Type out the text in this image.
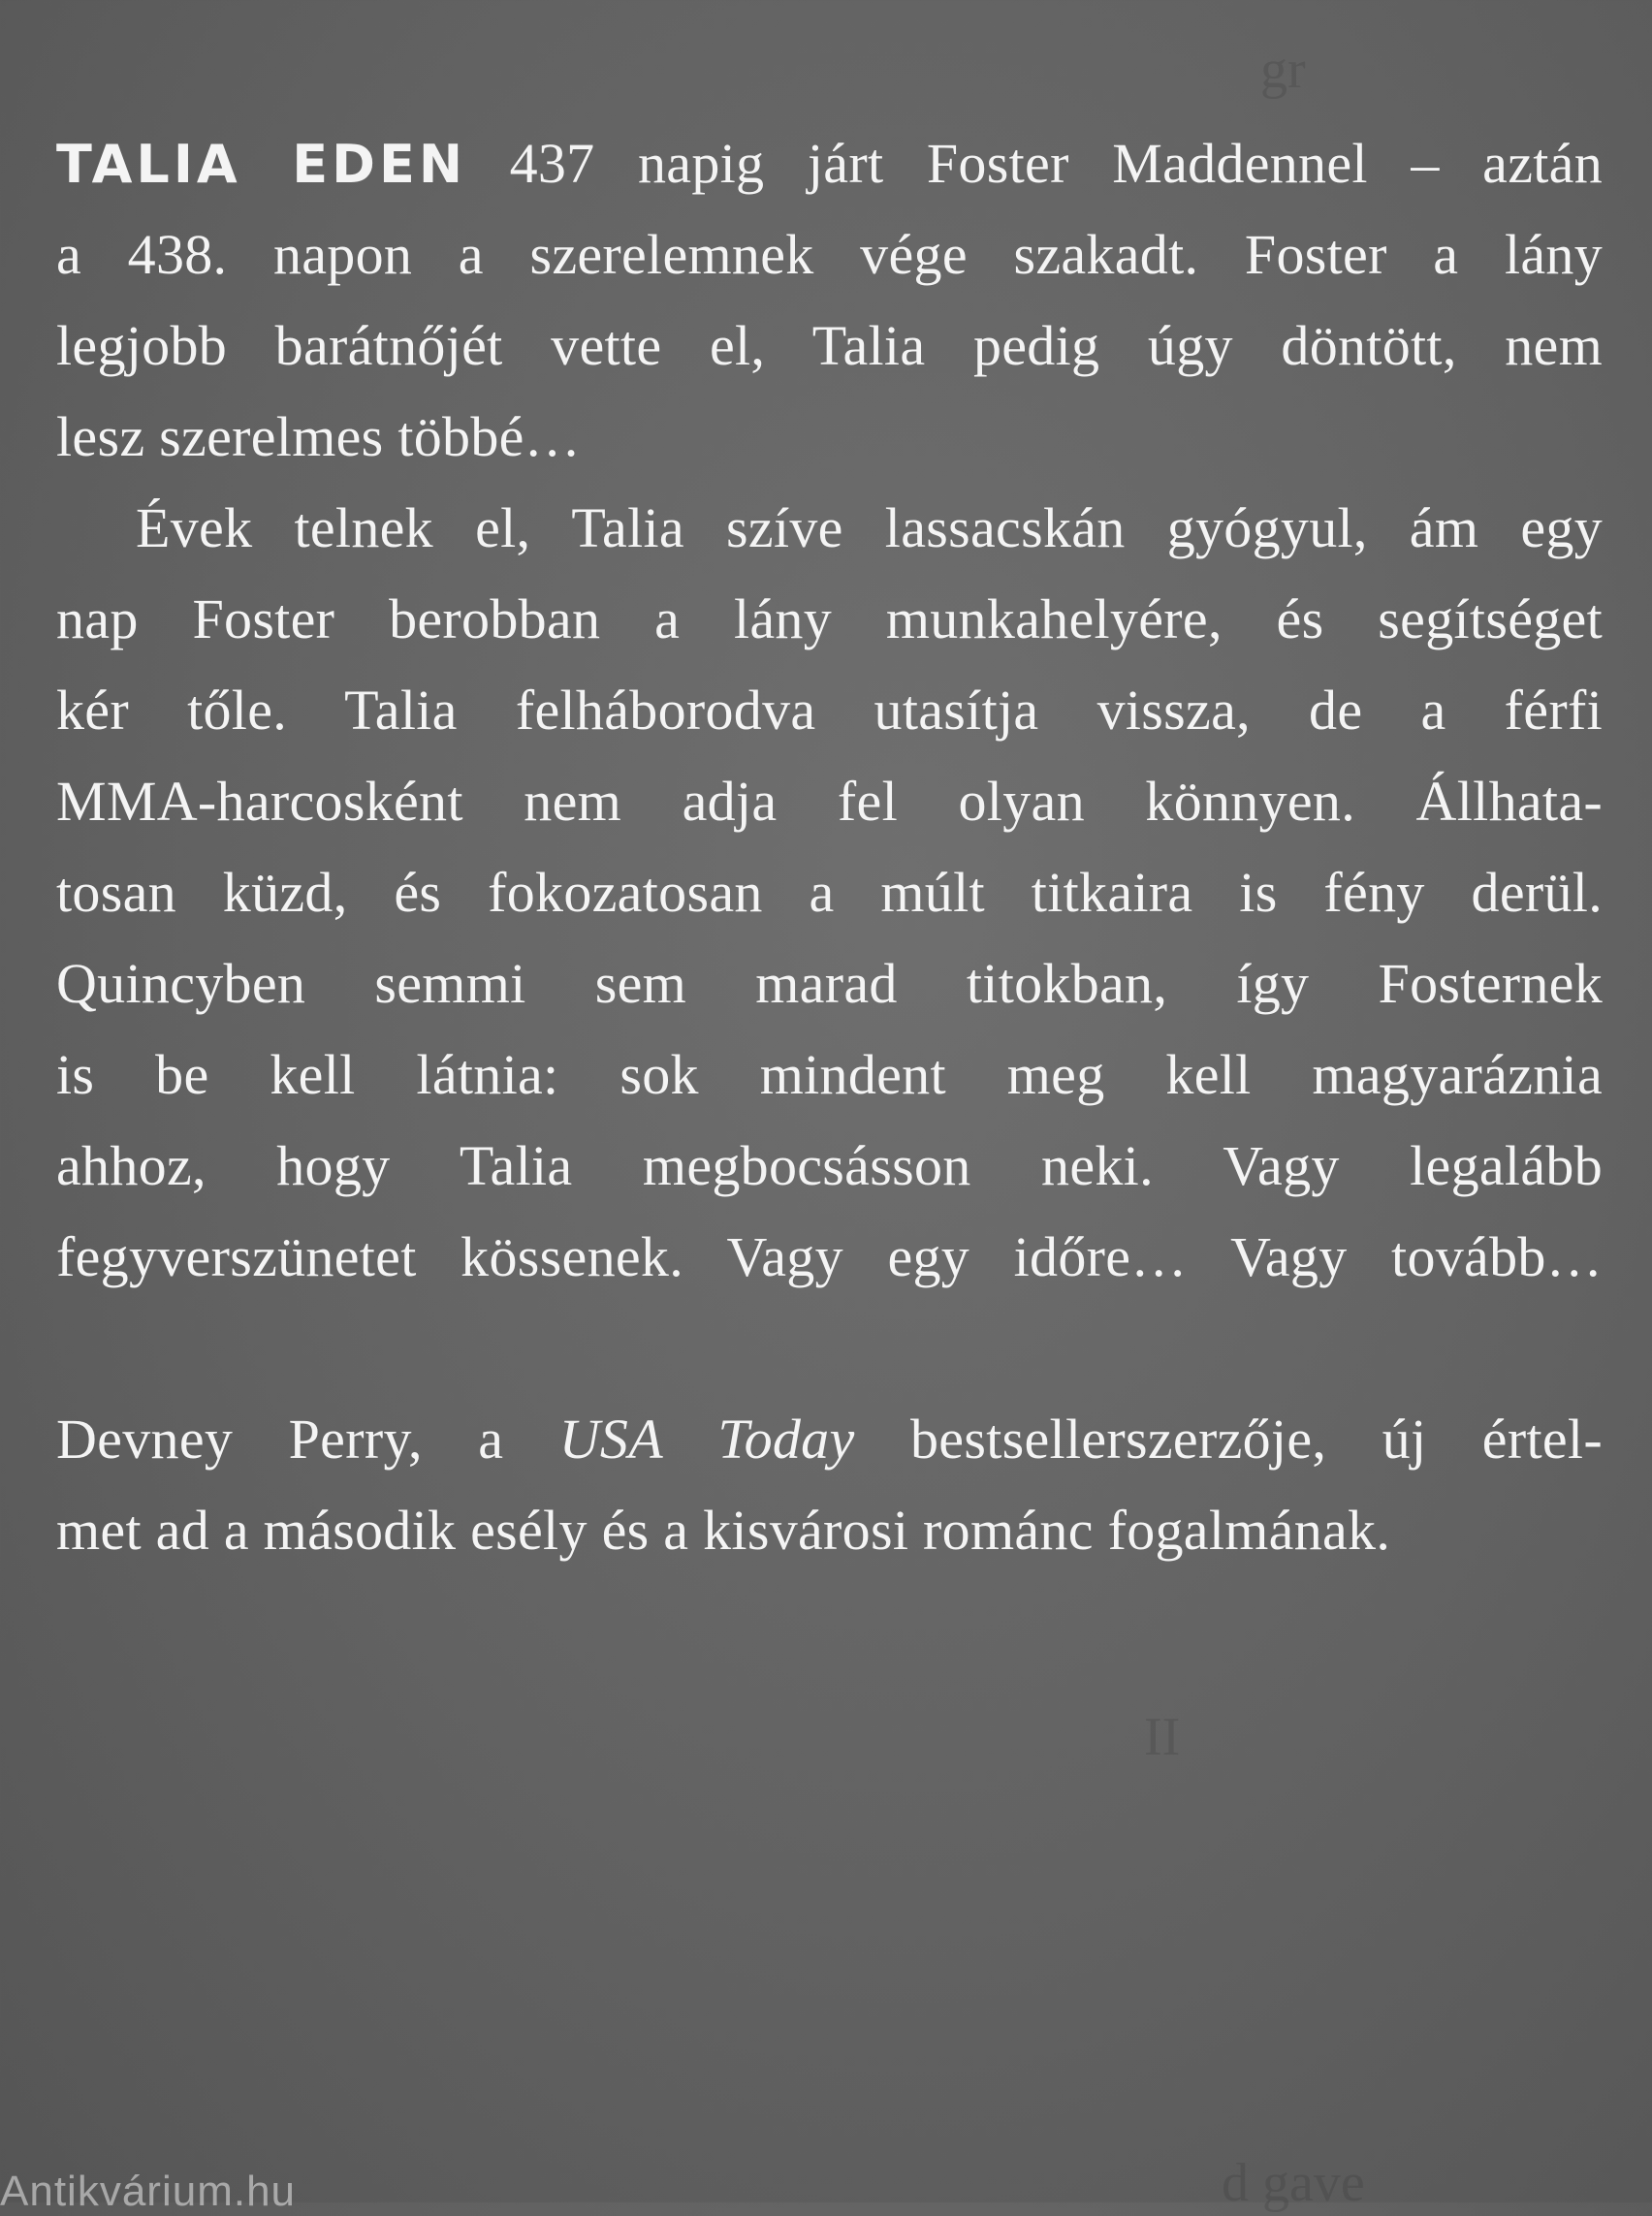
gr
II
d gave
TALIA EDEN 437 napig járt Foster Maddennel – aztán
a 438. napon a szerelemnek vége szakadt. Foster a lány
legjobb barátnőjét vette el, Talia pedig úgy döntött, nem
lesz szerelmes többé…
Évek telnek el, Talia szíve lassacskán gyógyul, ám egy
nap Foster berobban a lány munkahelyére, és segítséget
kér tőle. Talia felháborodva utasítja vissza, de a férfi
MMA-harcosként nem adja fel olyan könnyen. Állhata-
tosan küzd, és fokozatosan a múlt titkaira is fény derül.
Quincyben semmi sem marad titokban, így Fosternek
is be kell látnia: sok mindent meg kell magyaráznia
ahhoz, hogy Talia megbocsásson neki. Vagy legalább
fegyverszünetet kössenek. Vagy egy időre… Vagy tovább…
Devney Perry, a USA Today bestsellerszerzője, új értel-
met ad a második esély és a kisvárosi románc fogalmának.
Antikvárium.hu
